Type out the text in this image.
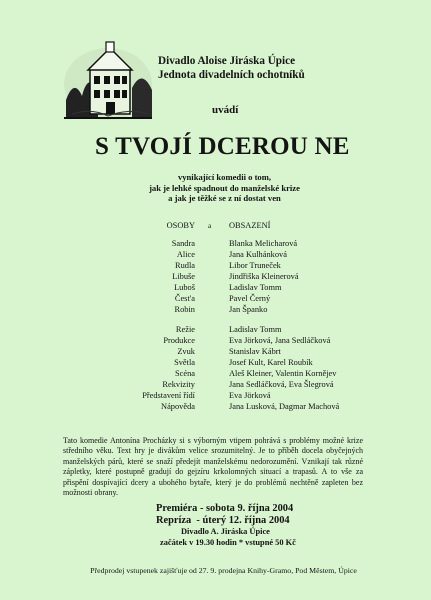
Divadlo Aloise Jiráska Úpice
Jednota divadelních ochotníků
uvádí
S TVOJÍ DCEROU NE
vynikající komedii o tom,
jak je lehké spadnout do manželské krize
a jak je těžké se z ní dostat ven
OSOBY a OBSAZENÍ
Sandra	Blanka Melicharová
Alice	Jana Kulhánková
Rudla	Libor Truneček
Libuše	Jindřiška Kleinerová
Luboš	Ladislav Tomm
Čest'a	Pavel Černý
Robin	Jan Španko
Režie	Ladislav Tomm
Produkce	Eva Jörková, Jana Sedláčková
Zvuk	Stanislav Kábrt
Světla	Josef Kult, Karel Roubík
Scéna	Aleš Kleiner, Valentin Kornějev
Rekvizity	Jana Sedláčková, Eva Šlegrová
Představení řídí	Eva Jörková
Nápověda	Jana Lusková, Dagmar Machová
Tato komedie Antonína Procházky si s výborným vtipem pohrává s problémy možné krize středního věku. Text hry je divákům velice srozumitelný. Je to příběh docela obyčejných manželských párů, které se snaží předejít manželskému nedorozumění. Vznikají tak různé zápletky, které postupně gradují do gejzíru krkolomných situací a trapasů. A to vše za přispění dospívající dcery a ubohého bytaře, který je do problémů nechtěně zapleten bez možnosti obrany.
Premiéra - sobota 9. října 2004
Repríza  - úterý 12. října 2004
Divadlo A. Jiráska Úpice
začátek v 19.30 hodin * vstupné 50 Kč
Předprodej vstupenek zajišťuje od 27. 9. prodejna Knihy-Gramo, Pod Městem, Úpice
